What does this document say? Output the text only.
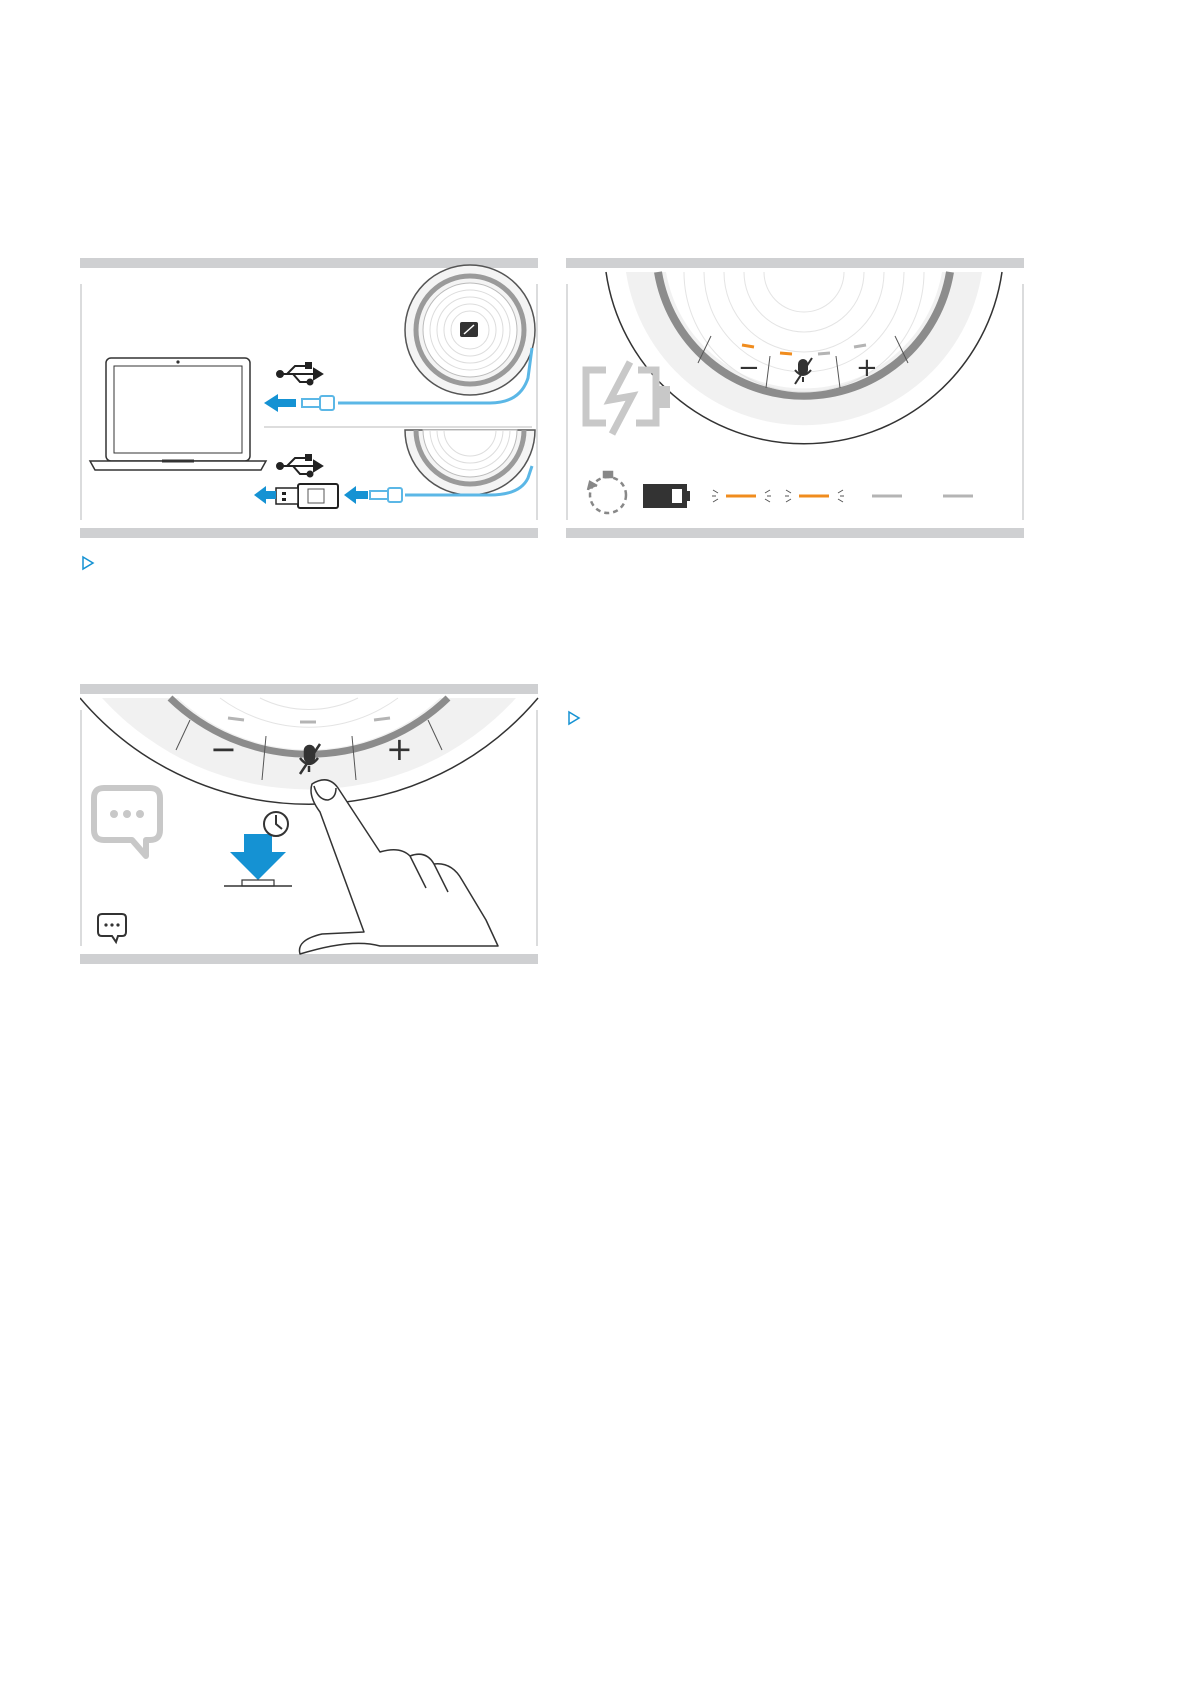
−	+
−	+
